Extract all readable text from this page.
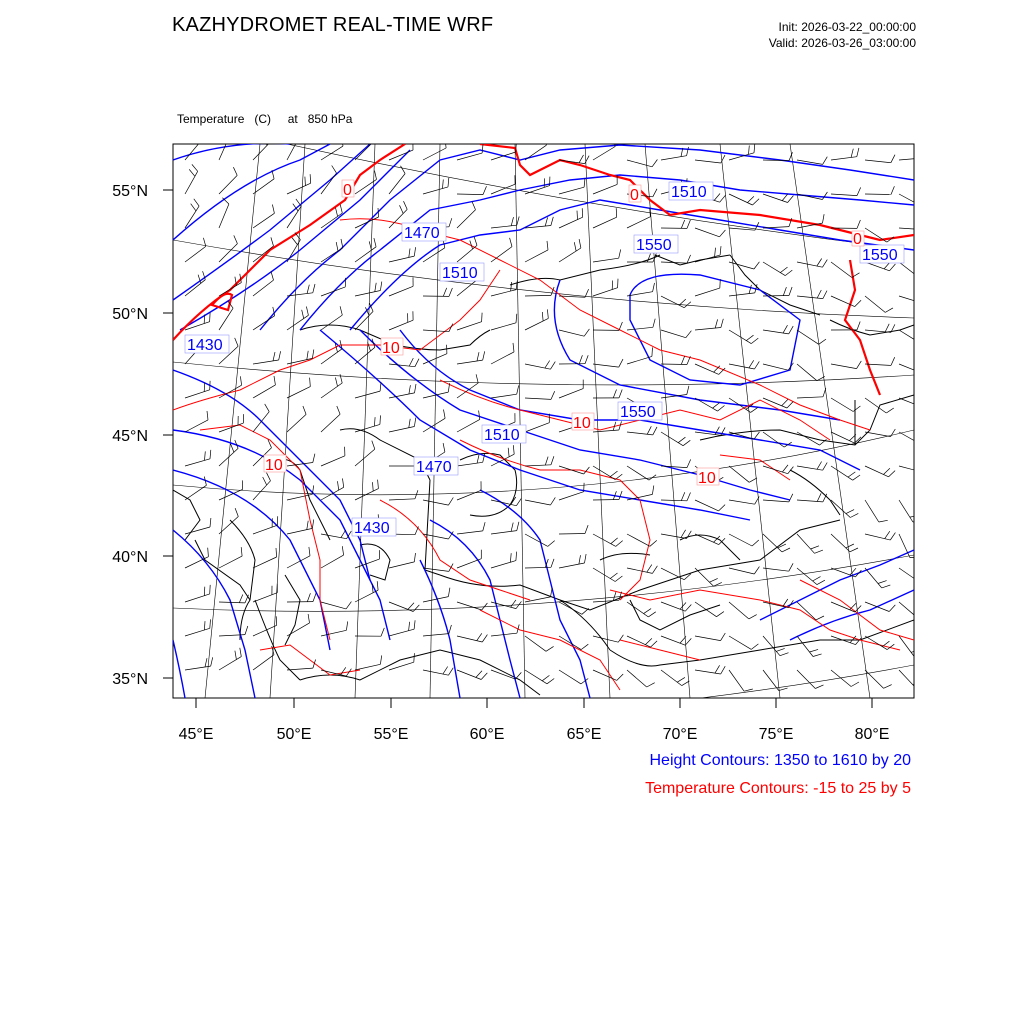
KAZHYDROMET REAL-TIME WRF	Init: 2026-03-22_00:00:00
Valid: 2026-03-26_03:00:00

Temperature   (C)     at   850 hPa

1510
1470
1510
1550
1550
1430
1510
1470
1550
1430
0	0
0
10
10
10
10
55°N
50°N
45°N
40°N
35°N
45°E	50°E	55°E	60°E	65°E	70°E	75°E	80°E
Height Contours: 1350 to 1610 by 20
Temperature Contours: -15 to 25 by 5
